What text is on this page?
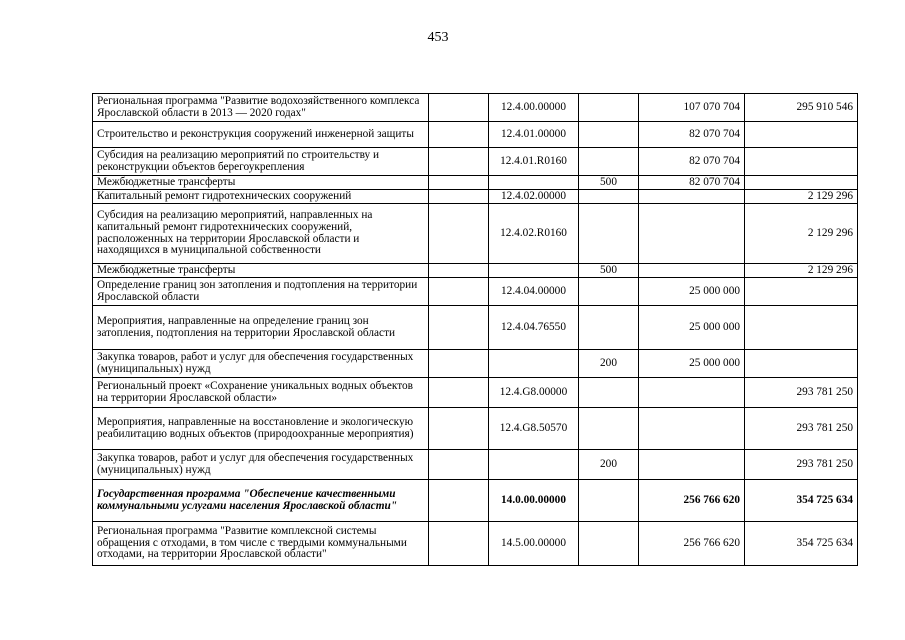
453
Региональная программа "Развитие водохозяйственного комплекса Ярославской области в 2013 — 2020 годах"		12.4.00.00000		107 070 704	295 910 546
Строительство и реконструкция сооружений инженерной защиты		12.4.01.00000		82 070 704	
Субсидия на реализацию мероприятий по строительству и реконструкции объектов берегоукрепления		12.4.01.R0160		82 070 704	
Межбюджетные трансферты			500	82 070 704	
Капитальный ремонт гидротехнических сооружений		12.4.02.00000			2 129 296
Субсидия на реализацию мероприятий, направленных на капитальный ремонт гидротехнических сооружений, расположенных на территории Ярославской области и находящихся в муниципальной собственности		12.4.02.R0160			2 129 296
Межбюджетные трансферты			500		2 129 296
Определение границ зон затопления и подтопления на территории Ярославской области		12.4.04.00000		25 000 000	
Мероприятия, направленные на определение границ зон затопления, подтопления на территории Ярославской области		12.4.04.76550		25 000 000	
Закупка товаров, работ и услуг для обеспечения государственных (муниципальных) нужд			200	25 000 000	
Региональный проект «Сохранение уникальных водных объектов на территории Ярославской области»		12.4.G8.00000			293 781 250
Мероприятия, направленные на восстановление и экологическую реабилитацию водных объектов (природоохранные мероприятия)		12.4.G8.50570			293 781 250
Закупка товаров, работ и услуг для обеспечения государственных (муниципальных) нужд			200		293 781 250
Государственная программа "Обеспечение качественными коммунальными услугами населения Ярославской области"		14.0.00.00000		256 766 620	354 725 634
Региональная программа "Развитие комплексной системы обращения с отходами, в том числе с твердыми коммунальными отходами, на территории Ярославской области"		14.5.00.00000		256 766 620	354 725 634
